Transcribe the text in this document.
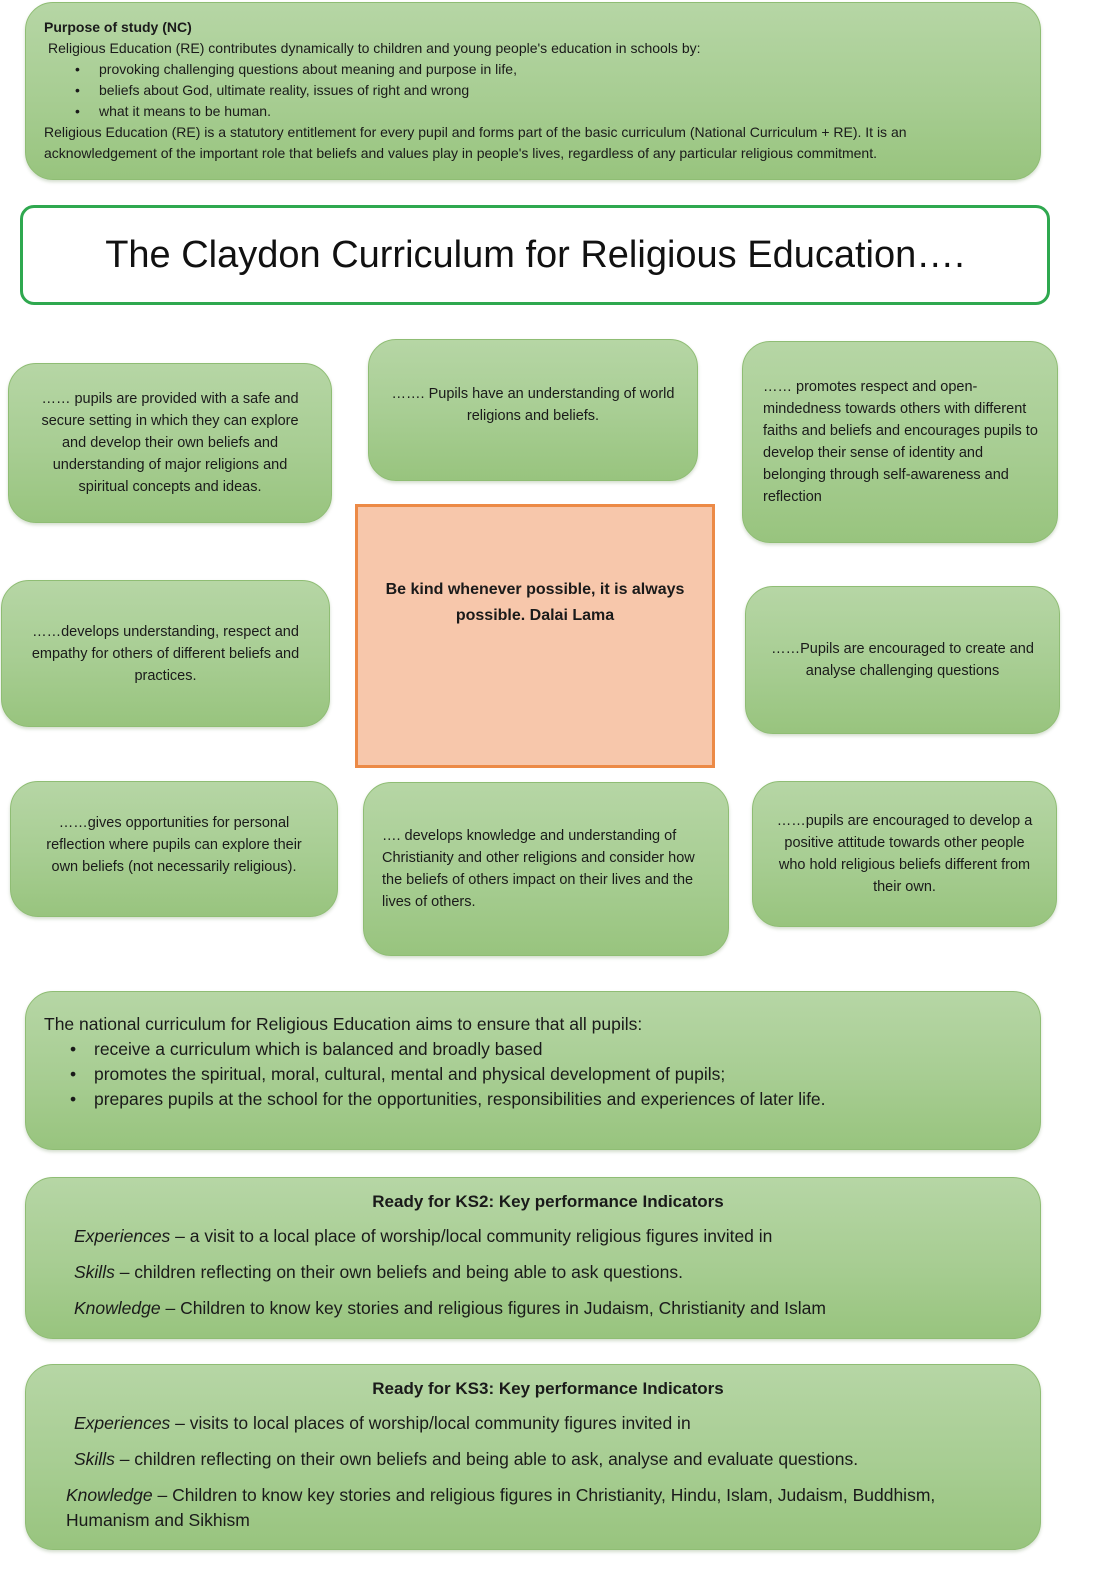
Purpose of study (NC)
Religious Education (RE) contributes dynamically to children and young people's education in schools by:
• provoking challenging questions about meaning and purpose in life,
• beliefs about God, ultimate reality, issues of right and wrong
• what it means to be human.
Religious Education (RE) is a statutory entitlement for every pupil and forms part of the basic curriculum (National Curriculum + RE). It is an acknowledgement of the important role that beliefs and values play in people's lives, regardless of any particular religious commitment.
The Claydon Curriculum for Religious Education….
…… pupils are provided with a safe and secure setting in which they can explore and develop their own beliefs and understanding of major religions and spiritual concepts and ideas.
……. Pupils have an understanding of world religions and beliefs.
…… promotes respect and open-mindedness towards others with different faiths and beliefs and encourages pupils to develop their sense of identity and belonging through self-awareness and reflection
Be kind whenever possible, it is always possible. Dalai Lama
……develops understanding, respect and empathy for others of different beliefs and practices.
……Pupils are encouraged to create and analyse challenging questions
……gives opportunities for personal reflection where pupils can explore their own beliefs (not necessarily religious).
…. develops knowledge and understanding of Christianity and other religions and consider how the beliefs of others impact on their lives and the lives of others.
……pupils are encouraged to develop a positive attitude towards other people who hold religious beliefs different from their own.
The national curriculum for Religious Education aims to ensure that all pupils:
• receive a curriculum which is balanced and broadly based
• promotes the spiritual, moral, cultural, mental and physical development of pupils;
• prepares pupils at the school for the opportunities, responsibilities and experiences of later life.
Ready for KS2: Key performance Indicators

Experiences – a visit to a local place of worship/local community religious figures invited in

Skills – children reflecting on their own beliefs and being able to ask questions.

Knowledge – Children to know key stories and religious figures in Judaism, Christianity and Islam

Ready for KS3: Key performance Indicators

Experiences – visits to local places of worship/local community figures invited in

Skills – children reflecting on their own beliefs and being able to ask, analyse and evaluate questions.

Knowledge – Children to know key stories and religious figures in Christianity, Hindu, Islam, Judaism, Buddhism, Humanism and Sikhism
